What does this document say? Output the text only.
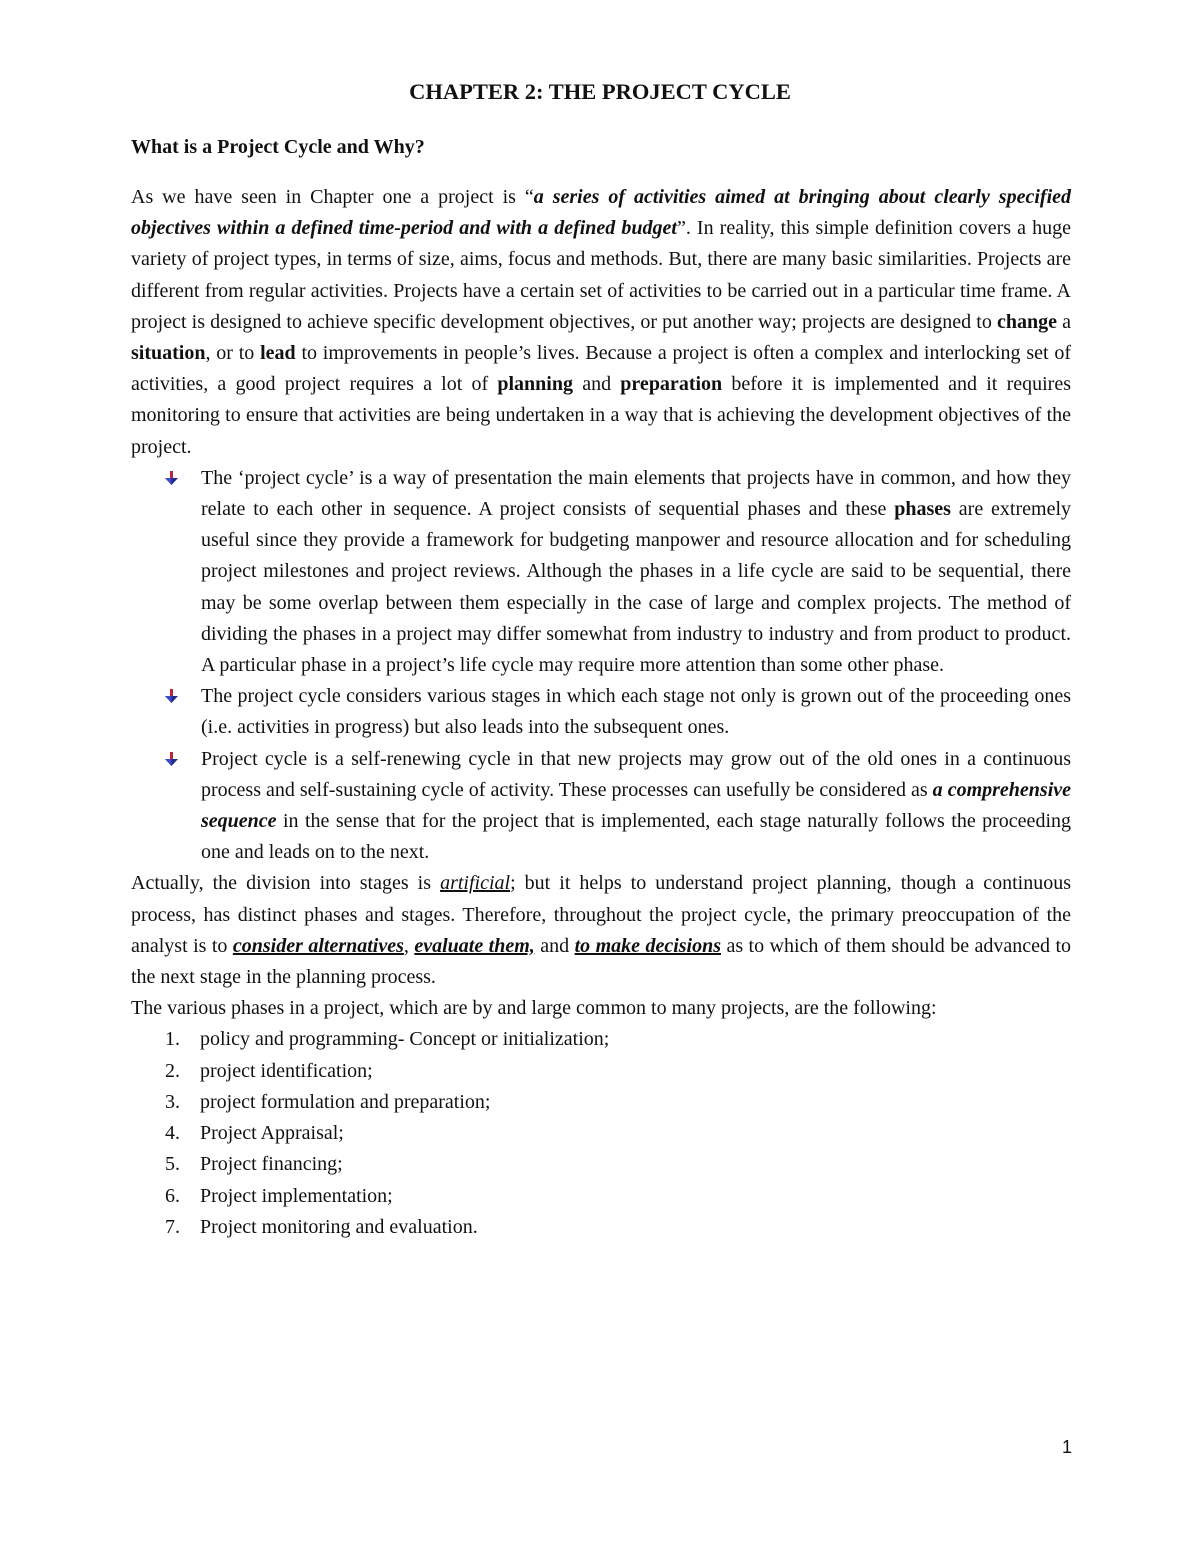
CHAPTER 2: THE PROJECT CYCLE
What is a Project Cycle and Why?

As we have seen in Chapter one a project is “a series of activities aimed at bringing about clearly specified objectives within a defined time-period and with a defined budget”. In reality, this simple definition covers a huge variety of project types, in terms of size, aims, focus and methods. But, there are many basic similarities. Projects are different from regular activities. Projects have a certain set of activities to be carried out in a particular time frame. A project is designed to achieve specific development objectives, or put another way; projects are designed to change a situation, or to lead to improvements in people’s lives. Because a project is often a complex and interlocking set of activities, a good project requires a lot of planning and preparation before it is implemented and it requires monitoring to ensure that activities are being undertaken in a way that is achieving the development objectives of the project.

The ‘project cycle’ is a way of presentation the main elements that projects have in common, and how they relate to each other in sequence. A project consists of sequential phases and these phases are extremely useful since they provide a framework for budgeting manpower and resource allocation and for scheduling project milestones and project reviews. Although the phases in a life cycle are said to be sequential, there may be some overlap between them especially in the case of large and complex projects. The method of dividing the phases in a project may differ somewhat from industry to industry and from product to product. A particular phase in a project’s life cycle may require more attention than some other phase.
The project cycle considers various stages in which each stage not only is grown out of the proceeding ones (i.e. activities in progress) but also leads into the subsequent ones.
Project cycle is a self-renewing cycle in that new projects may grow out of the old ones in a continuous process and self-sustaining cycle of activity. These processes can usefully be considered as a comprehensive sequence in the sense that for the project that is implemented, each stage naturally follows the proceeding one and leads on to the next.

Actually, the division into stages is artificial; but it helps to understand project planning, though a continuous process, has distinct phases and stages. Therefore, throughout the project cycle, the primary preoccupation of the analyst is to consider alternatives, evaluate them, and to make decisions as to which of them should be advanced to the next stage in the planning process.

The various phases in a project, which are by and large common to many projects, are the following:

1. policy and programming- Concept or initialization;
2. project identification;
3. project formulation and preparation;
4. Project Appraisal;
5. Project financing;
6. Project implementation;
7. Project monitoring and evaluation.
1
